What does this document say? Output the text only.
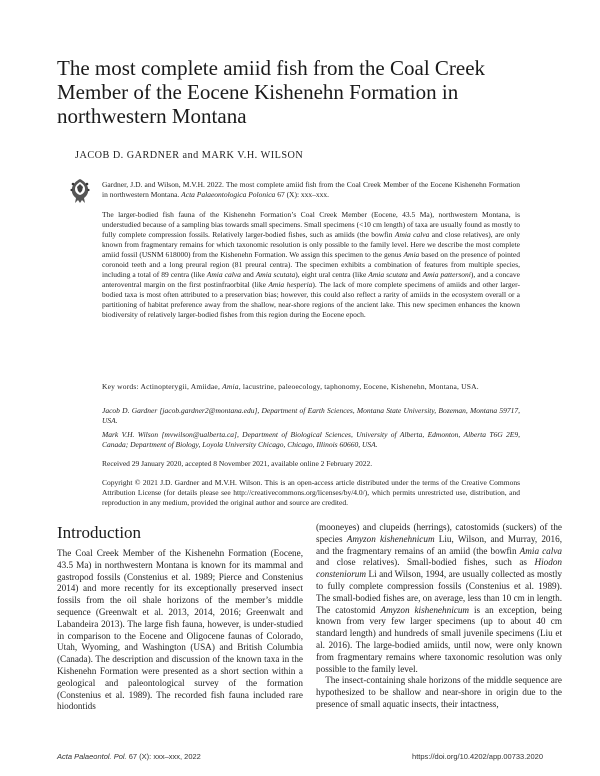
The most complete amiid fish from the Coal Creek Member of the Eocene Kishenehn Formation in northwestern Montana
JACOB D. GARDNER and MARK V.H. WILSON

Gardner, J.D. and Wilson, M.V.H. 2022. The most complete amiid fish from the Coal Creek Member of the Eocene Kishenehn Formation in northwestern Montana. Acta Palaeontologica Polonica 67 (X): xxx–xxx.

The larger-bodied fish fauna of the Kishenehn Formation’s Coal Creek Member (Eocene, 43.5 Ma), northwestern Montana, is understudied because of a sampling bias towards small specimens. Small specimens (<10 cm length) of taxa are usually found as mostly to fully complete compression fossils. Relatively larger-bodied fishes, such as amiids (the bowfin Amia calva and close relatives), are only known from fragmentary remains for which taxonomic resolution is only possible to the family level. Here we describe the most complete amiid fossil (USNM 618000) from the Kishenehn Formation. We assign this specimen to the genus Amia based on the presence of pointed coronoid teeth and a long preural region (81 preural centra). The specimen exhibits a combination of features from multiple species, including a total of 89 centra (like Amia calva and Amia scutata), eight ural centra (like Amia scutata and Amia pattersoni), and a concave anteroventral margin on the first postinfraorbital (like Amia hesperia). The lack of more complete specimens of amiids and other larger-bodied taxa is most often attributed to a preservation bias; however, this could also reflect a rarity of amiids in the ecosystem overall or a partitioning of habitat preference away from the shallow, near-shore regions of the ancient lake. This new specimen enhances the known biodiversity of relatively larger-bodied fishes from this region during the Eocene epoch.

Key words: Actinopterygii, Amiidae, Amia, lacustrine, paleoecology, taphonomy, Eocene, Kishenehn, Montana, USA.

Jacob D. Gardner [jacob.gardner2@montana.edu], Department of Earth Sciences, Montana State University, Bozeman, Montana 59717, USA.

Mark V.H. Wilson [mvwilson@ualberta.ca], Department of Biological Sciences, University of Alberta, Edmonton, Alberta T6G 2E9, Canada; Department of Biology, Loyola University Chicago, Chicago, Illinois 60660, USA.

Received 29 January 2020, accepted 8 November 2021, available online 2 February 2022.

Copyright © 2021 J.D. Gardner and M.V.H. Wilson. This is an open-access article distributed under the terms of the Creative Commons Attribution License (for details please see http://creativecommons.org/licenses/by/4.0/), which permits unrestricted use, distribution, and reproduction in any medium, provided the original author and source are credited.

Introduction

The Coal Creek Member of the Kishenehn Formation (Eocene, 43.5 Ma) in northwestern Montana is known for its mammal and gastropod fossils (Constenius et al. 1989; Pierce and Constenius 2014) and more recently for its exceptionally preserved insect fossils from the oil shale horizons of the member’s middle sequence (Greenwalt et al. 2013, 2014, 2016; Greenwalt and Labandeira 2013). The large fish fauna, however, is under-studied in comparison to the Eocene and Oligocene faunas of Colorado, Utah, Wyoming, and Washington (USA) and British Columbia (Canada). The description and discussion of the known taxa in the Kishenehn Formation were presented as a short section within a geological and paleontological survey of the formation (Constenius et al. 1989). The recorded fish fauna included rare hiodontids

(mooneyes) and clupeids (herrings), catostomids (suckers) of the species Amyzon kishenehnicum Liu, Wilson, and Murray, 2016, and the fragmentary remains of an amiid (the bowfin Amia calva and close relatives). Small-bodied fishes, such as Hiodon consteniorum Li and Wilson, 1994, are usually collected as mostly to fully complete compression fossils (Constenius et al. 1989). The small-bodied fishes are, on average, less than 10 cm in length. The catostomid Amyzon kishenehnicum is an exception, being known from very few larger specimens (up to about 40 cm standard length) and hundreds of small juvenile specimens (Liu et al. 2016). The large-bodied amiids, until now, were only known from fragmentary remains where taxonomic resolution was only possible to the family level.
 The insect-containing shale horizons of the middle sequence are hypothesized to be shallow and near-shore in origin due to the presence of small aquatic insects, their intactness,

Acta Palaeontol. Pol. 67 (X): xxx–xxx, 2022	https://doi.org/10.4202/app.00733.2020
